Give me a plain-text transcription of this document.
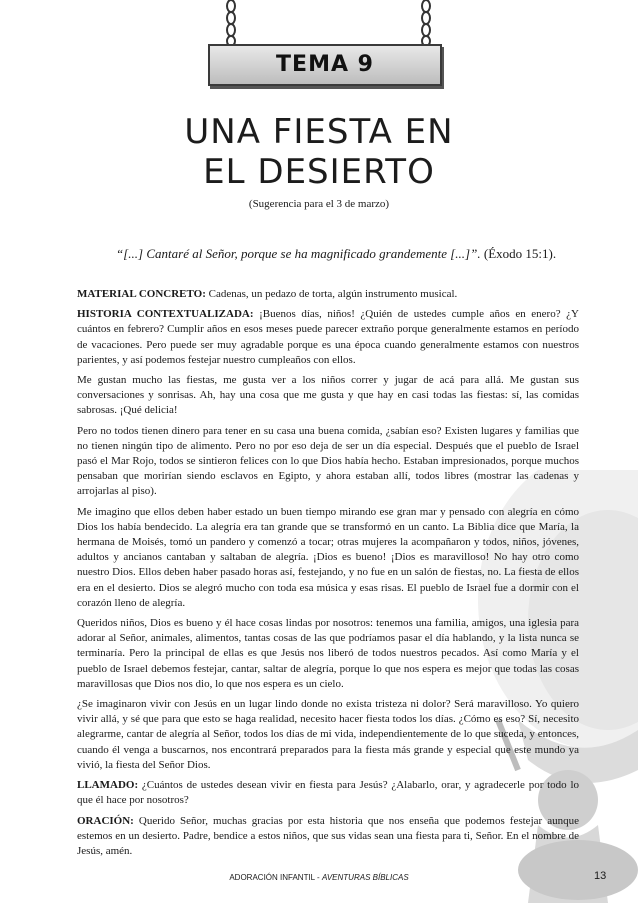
TEMA 9
UNA FIESTA EN
EL DESIERTO
(Sugerencia para el 3 de marzo)
“[...] Cantaré al Señor, porque se ha magnificado grandemente [...]”. (Éxodo 15:1).

MATERIAL CONCRETO: Cadenas, un pedazo de torta, algún instrumento musical.

HISTORIA CONTEXTUALIZADA: ¡Buenos días, niños! ¿Quién de ustedes cumple años en enero? ¿Y cuántos en febrero? Cumplir años en esos meses puede parecer extraño porque generalmente estamos en período de vacaciones. Pero puede ser muy agradable porque es una época cuando generalmente estamos con nuestros parientes, y así podemos festejar nuestro cumpleaños con ellos.

Me gustan mucho las fiestas, me gusta ver a los niños correr y jugar de acá para allá. Me gustan sus conversaciones y sonrisas. Ah, hay una cosa que me gusta y que hay en casi todas las fiestas: sí, las comidas sabrosas. ¡Qué delicia!

Pero no todos tienen dinero para tener en su casa una buena comida, ¿sabían eso? Existen lugares y familias que no tienen ningún tipo de alimento. Pero no por eso deja de ser un día especial. Después que el pueblo de Israel pasó el Mar Rojo, todos se sintieron felices con lo que Dios había hecho. Estaban impresionados, porque muchos pensaban que morirían siendo esclavos en Egipto, y ahora estaban allí, todos libres (mostrar las cadenas y arrojarlas al piso).

Me imagino que ellos deben haber estado un buen tiempo mirando ese gran mar y pensado con alegría en cómo Dios los había bendecido. La alegría era tan grande que se transformó en un canto. La Biblia dice que María, la hermana de Moisés, tomó un pandero y comenzó a tocar; otras mujeres la acompañaron y todos, niños, jóvenes, adultos y ancianos cantaban y saltaban de alegría. ¡Dios es bueno! ¡Dios es maravilloso! No hay otro como nuestro Dios. Ellos deben haber pasado horas así, festejando, y no fue en un salón de fiestas, no. La fiesta de ellos era en el desierto. Dios se alegró mucho con toda esa música y esas risas. El pueblo de Israel fue a dormir con el corazón lleno de alegría.

Queridos niños, Dios es bueno y él hace cosas lindas por nosotros: tenemos una familia, amigos, una iglesia para adorar al Señor, animales, alimentos, tantas cosas de las que podríamos pasar el día hablando, y la lista nunca se terminaría. Pero la principal de ellas es que Jesús nos liberó de todos nuestros pecados. Así como María y el pueblo de Israel debemos festejar, cantar, saltar de alegría, porque lo que nos espera es mejor que todas las cosas maravillosas que Dios nos dio, lo que nos espera es un cielo.

¿Se imaginaron vivir con Jesús en un lugar lindo donde no exista tristeza ni dolor? Será maravilloso. Yo quiero vivir allá, y sé que para que esto se haga realidad, necesito hacer fiesta todos los días. ¿Cómo es eso? Sí, necesito alegrarme, cantar de alegría al Señor, todos los días de mi vida, independientemente de lo que suceda, y entonces, cuando él venga a buscarnos, nos encontrará preparados para la fiesta más grande y especial que este mundo ya vivió, la fiesta del Señor Dios.

LLAMADO: ¿Cuántos de ustedes desean vivir en fiesta para Jesús? ¿Alabarlo, orar, y agradecerle por todo lo que él hace por nosotros?

ORACIÓN: Querido Señor, muchas gracias por esta historia que nos enseña que podemos festejar aunque estemos en un desierto. Padre, bendice a estos niños, que sus vidas sean una fiesta para ti, Señor. En el nombre de Jesús, amén.

ADORACIÓN INFANTIL - AVENTURAS BÍBLICAS	13
